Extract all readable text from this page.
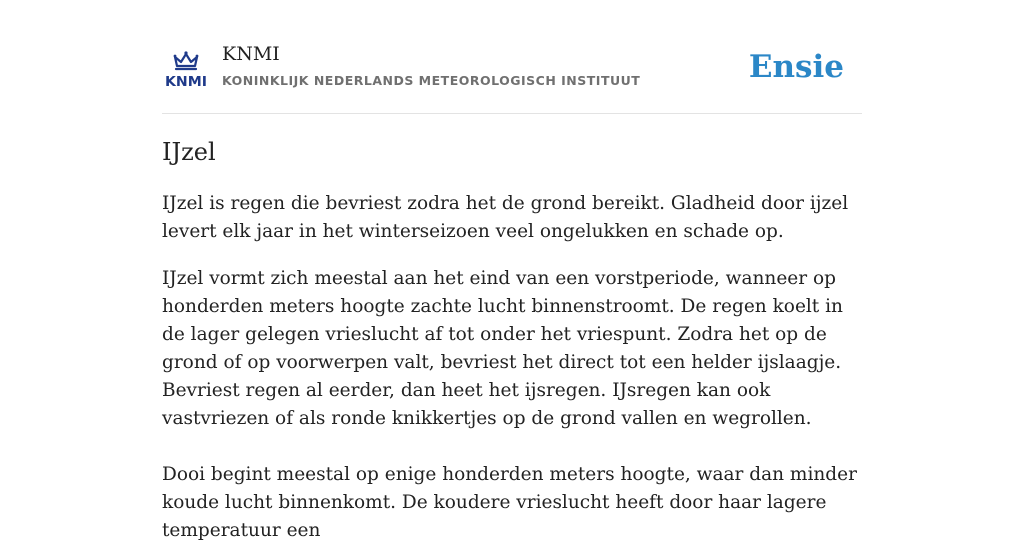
KNMI
KNMI
KONINKLIJK NEDERLANDS METEOROLOGISCH INSTITUUT	Ensie
IJzel

IJzel is regen die bevriest zodra het de grond bereikt. Gladheid door ijzel levert elk jaar in het winterseizoen veel ongelukken en schade op.

IJzel vormt zich meestal aan het eind van een vorstperiode, wanneer op honderden meters hoogte zachte lucht binnenstroomt. De regen koelt in de lager gelegen vrieslucht af tot onder het vriespunt. Zodra het op de grond of op voorwerpen valt, bevriest het direct tot een helder ijslaagje. Bevriest regen al eerder, dan heet het ijsregen. IJsregen kan ook vastvriezen of als ronde knikkertjes op de grond vallen en wegrollen.

Dooi begint meestal op enige honderden meters hoogte, waar dan minder koude lucht binnenkomt. De koudere vrieslucht heeft door haar lagere temperatuur een
